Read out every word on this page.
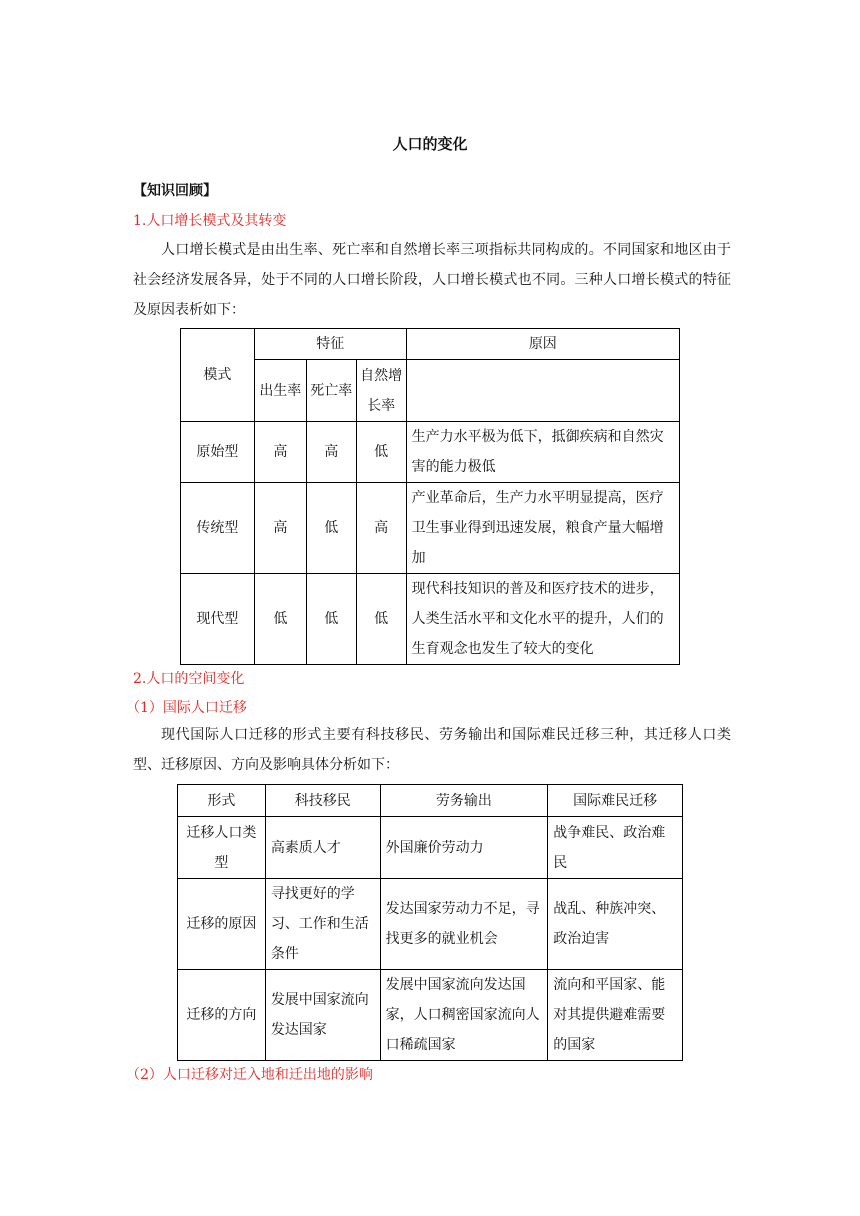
人口的变化
【知识回顾】
1.人口增长模式及其转变
人口增长模式是由出生率、死亡率和自然增长率三项指标共同构成的。不同国家和地区由于社会经济发展各异，处于不同的人口增长阶段，人口增长模式也不同。三种人口增长模式的特征及原因表析如下：
模式	特征			原因
	出生率	死亡率	自然增长率	
原始型	高	高	低	生产力水平极为低下，抵御疾病和自然灾害的能力极低
传统型	高	低	高	产业革命后，生产力水平明显提高，医疗卫生事业得到迅速发展，粮食产量大幅增加
现代型	低	低	低	现代科技知识的普及和医疗技术的进步，人类生活水平和文化水平的提升，人们的生育观念也发生了较大的变化
2.人口的空间变化
（1）国际人口迁移
现代国际人口迁移的形式主要有科技移民、劳务输出和国际难民迁移三种，其迁移人口类型、迁移原因、方向及影响具体分析如下：
形式	科技移民	劳务输出	国际难民迁移
迁移人口类型	高素质人才	外国廉价劳动力	战争难民、政治难民
迁移的原因	寻找更好的学习、工作和生活条件	发达国家劳动力不足，寻找更多的就业机会	战乱、种族冲突、政治迫害
迁移的方向	发展中国家流向发达国家	发展中国家流向发达国家，人口稠密国家流向人口稀疏国家	流向和平国家、能对其提供避难需要的国家
（2）人口迁移对迁入地和迁出地的影响
